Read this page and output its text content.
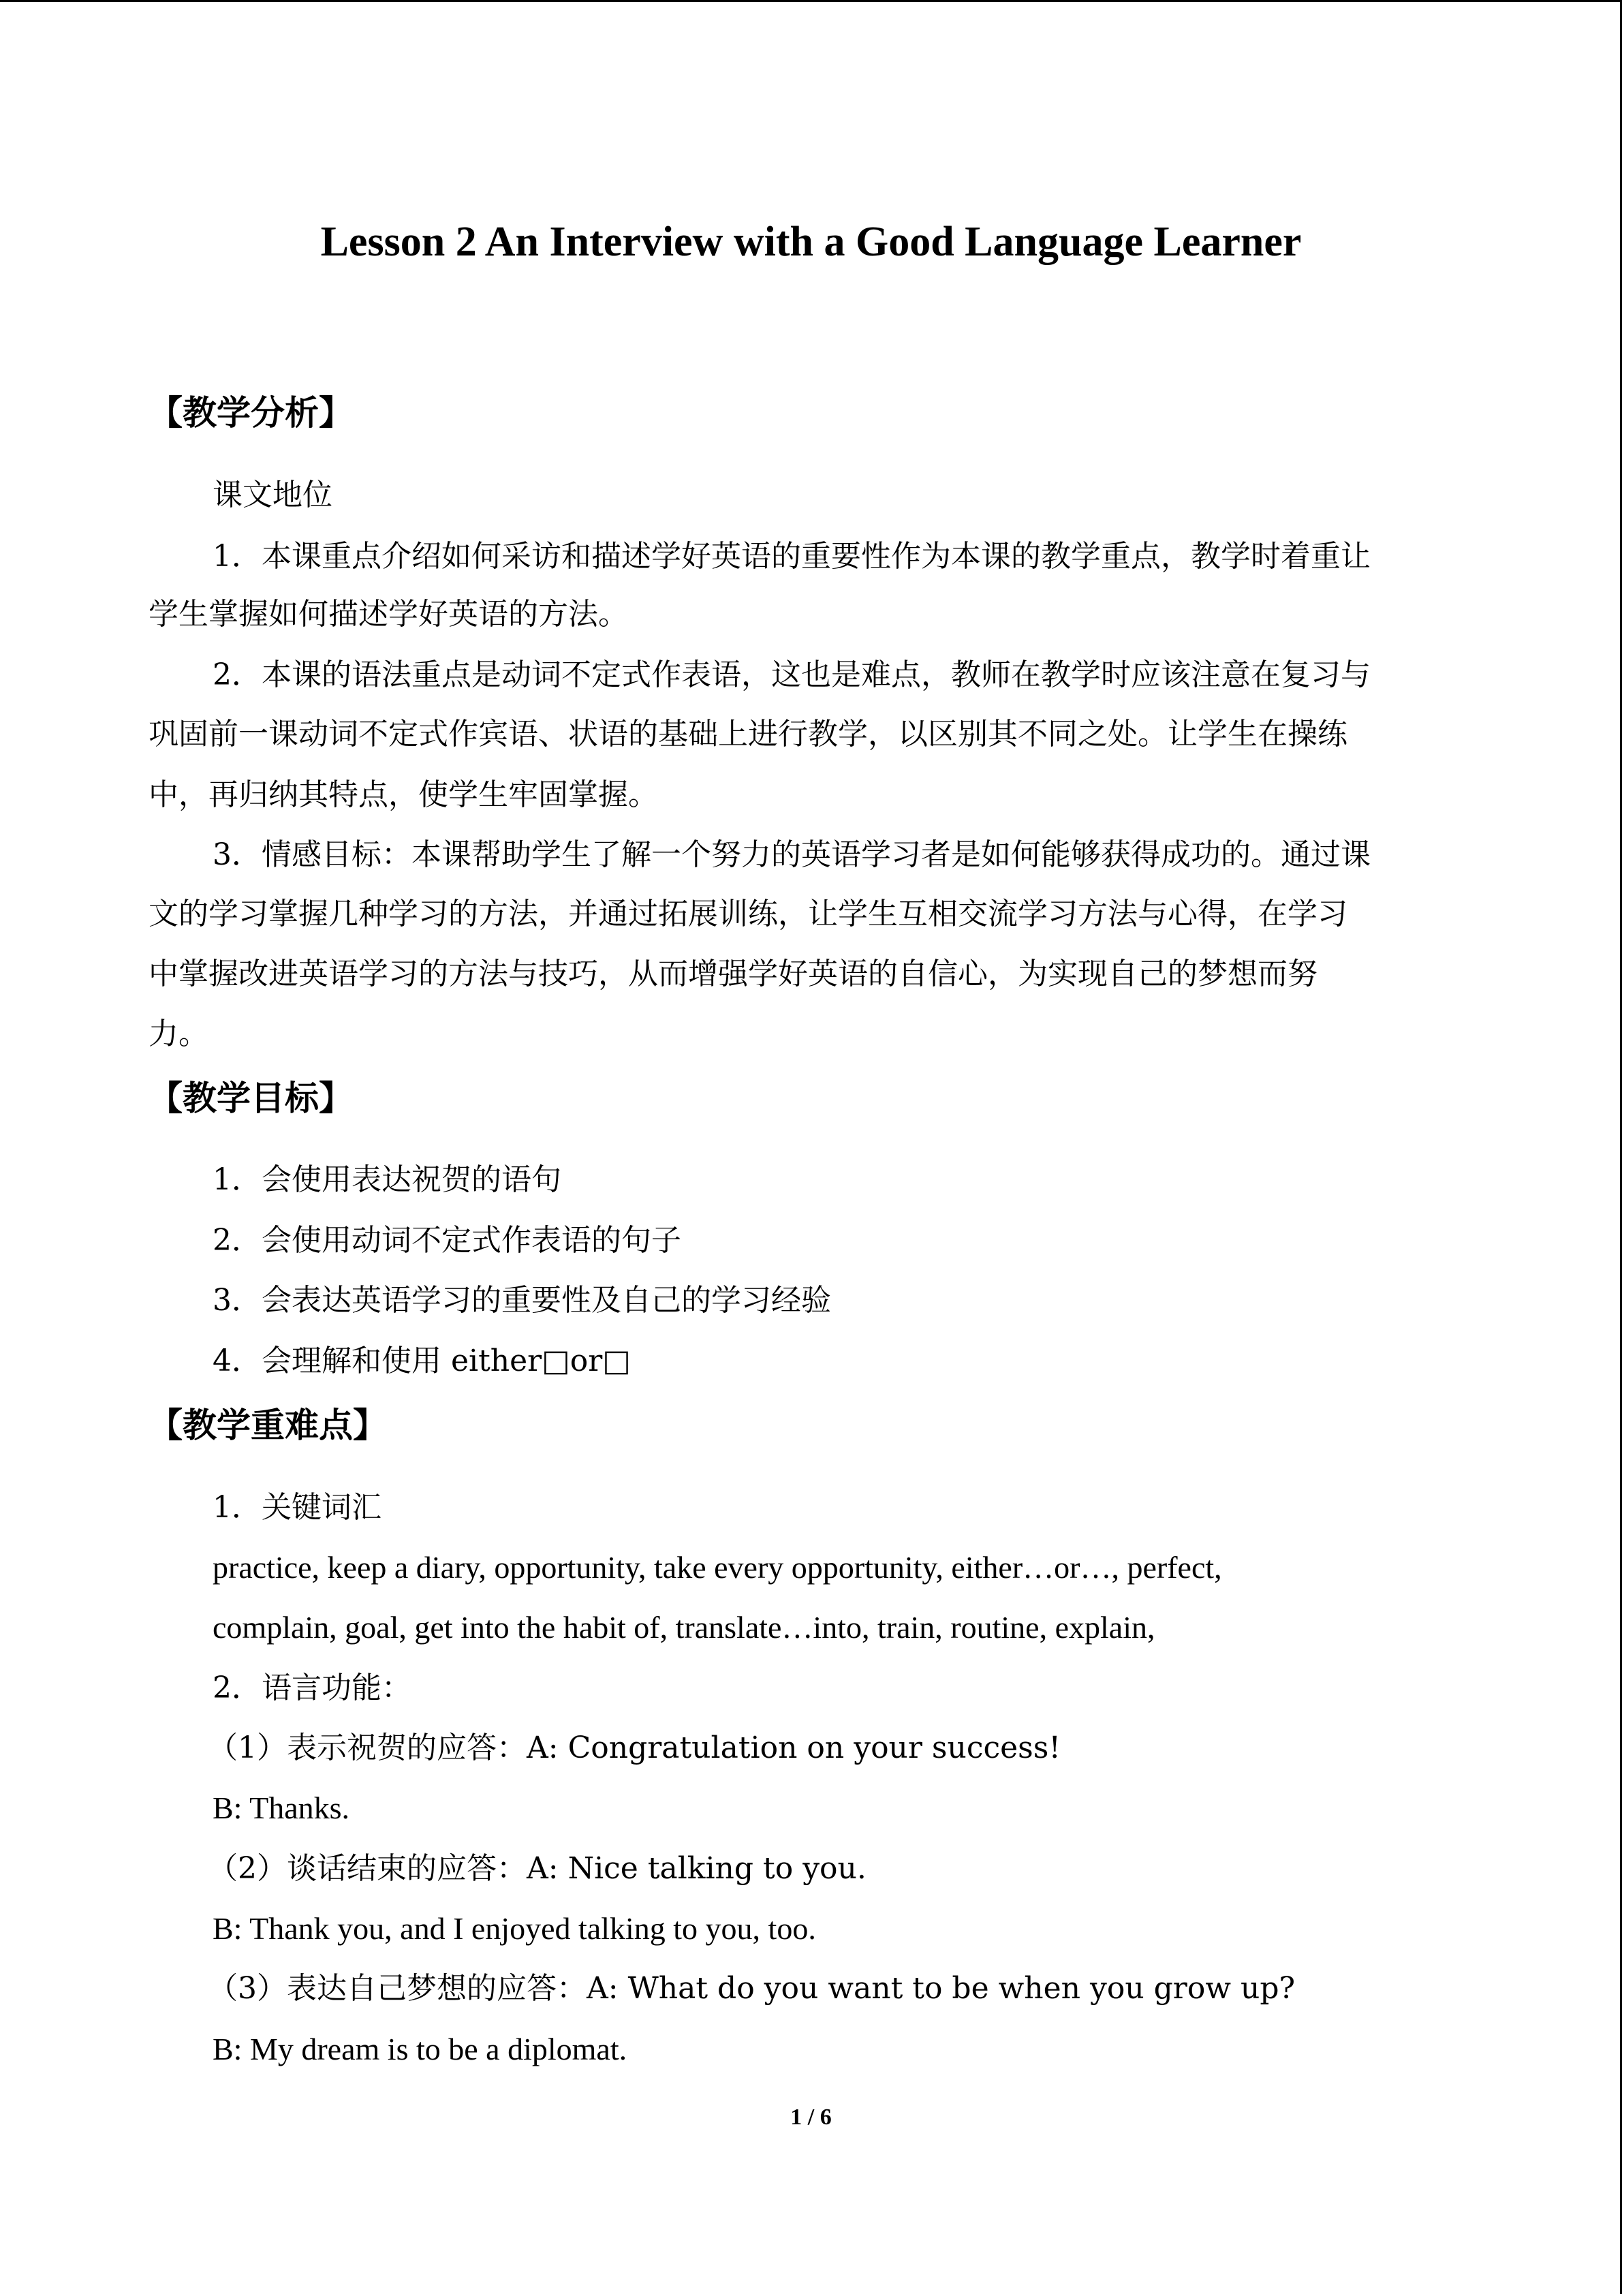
Lesson 2 An Interview with a Good Language Learner
【教学分析】
课文地位
1．本课重点介绍如何采访和描述学好英语的重要性作为本课的教学重点，教学时着重让
学生掌握如何描述学好英语的方法。
2．本课的语法重点是动词不定式作表语，这也是难点，教师在教学时应该注意在复习与
巩固前一课动词不定式作宾语、状语的基础上进行教学，以区别其不同之处。让学生在操练
中，再归纳其特点，使学生牢固掌握。
3．情感目标：本课帮助学生了解一个努力的英语学习者是如何能够获得成功的。通过课
文的学习掌握几种学习的方法，并通过拓展训练，让学生互相交流学习方法与心得，在学习
中掌握改进英语学习的方法与技巧，从而增强学好英语的自信心，为实现自己的梦想而努
力。
【教学目标】
1．会使用表达祝贺的语句
2．会使用动词不定式作表语的句子
3．会表达英语学习的重要性及自己的学习经验
4．会理解和使用 either□or□
【教学重难点】
1．关键词汇
practice, keep a diary, opportunity, take every opportunity, either…or…, perfect,
complain, goal, get into the habit of, translate…into, train, routine, explain,
2．语言功能：
（1）表示祝贺的应答：A: Congratulation on your success!
B: Thanks.
（2）谈话结束的应答：A: Nice talking to you.
B: Thank you, and I enjoyed talking to you, too.
（3）表达自己梦想的应答：A: What do you want to be when you grow up?
B: My dream is to be a diplomat.
1 / 6
